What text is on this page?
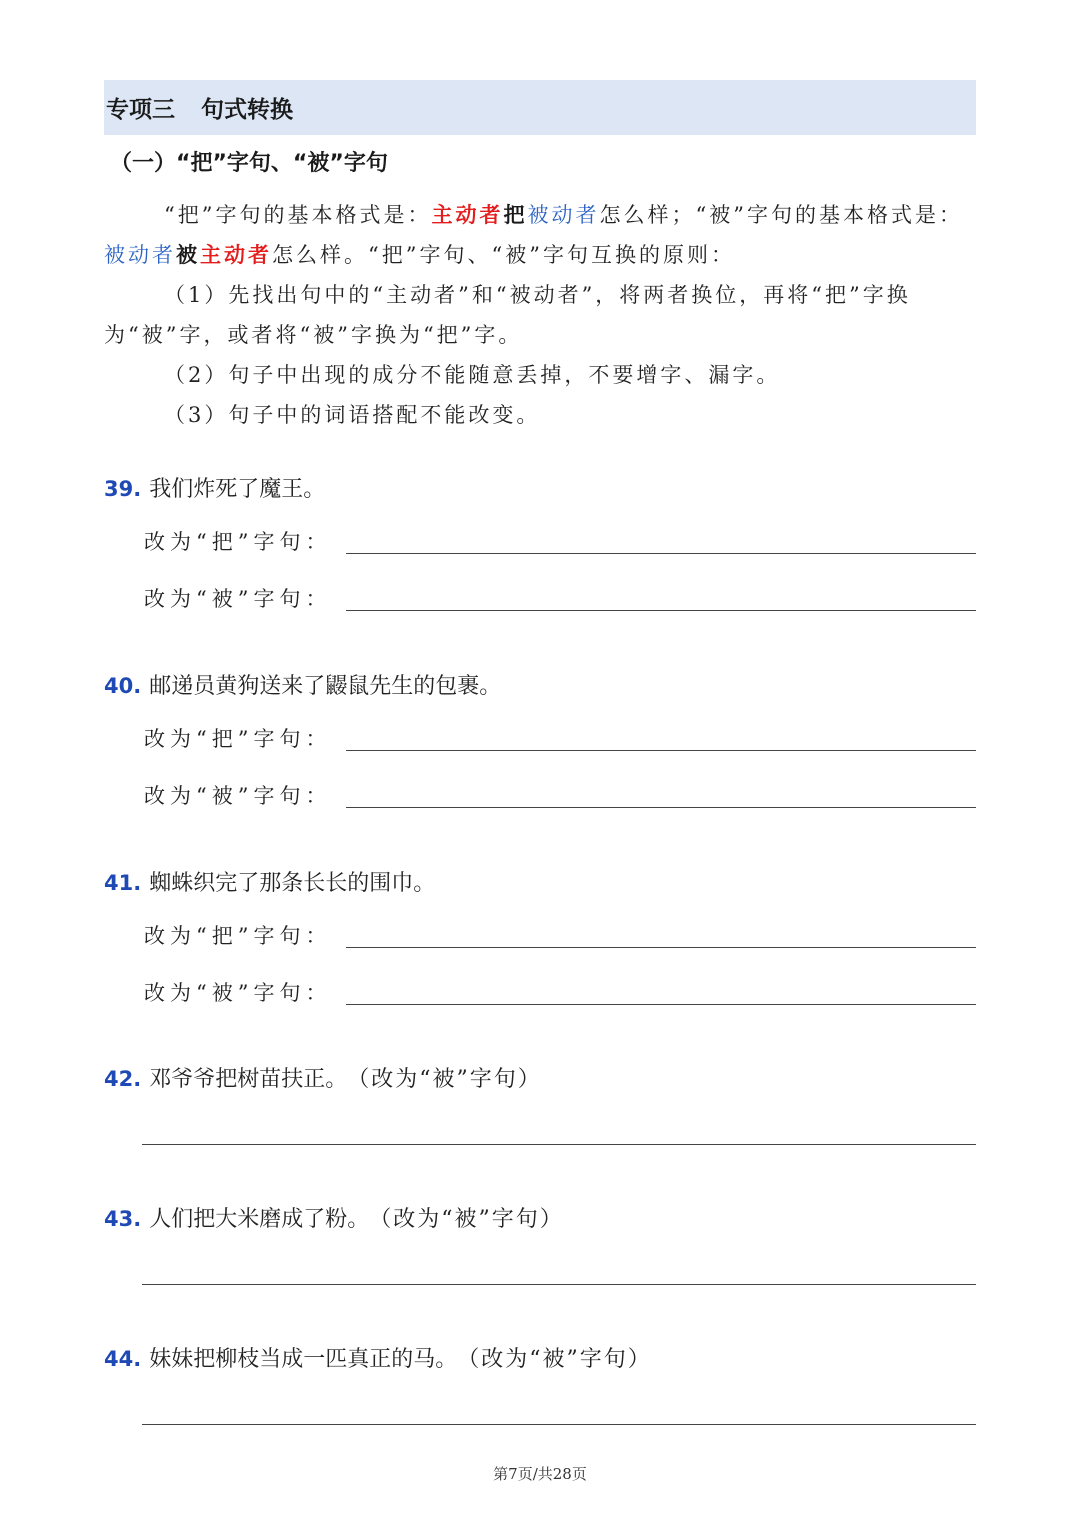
专项三 句式转换
（一）“把”字句、“被”字句

“把”字句的基本格式是：主动者把被动者怎么样；“被”字句的基本格式是：被动者被主动者怎么样。“把”字句、“被”字句互换的原则：

（1）先找出句中的“主动者”和“被动者”，将两者换位，再将“把”字换为“被”字，或者将“被”字换为“把”字。

（2）句子中出现的成分不能随意丢掉，不要增字、漏字。

（3）句子中的词语搭配不能改变。

39. 我们炸死了魔王。
改为“把”字句：
改为“被”字句：
40. 邮递员黄狗送来了鼹鼠先生的包裹。
改为“把”字句：
改为“被”字句：
41. 蜘蛛织完了那条长长的围巾。
改为“把”字句：
改为“被”字句：
42. 邓爷爷把树苗扶正。 （改为“被”字句）
43. 人们把大米磨成了粉。 （改为“被”字句）
44. 妹妹把柳枝当成一匹真正的马。 （改为“被”字句）
第7页/共28页
